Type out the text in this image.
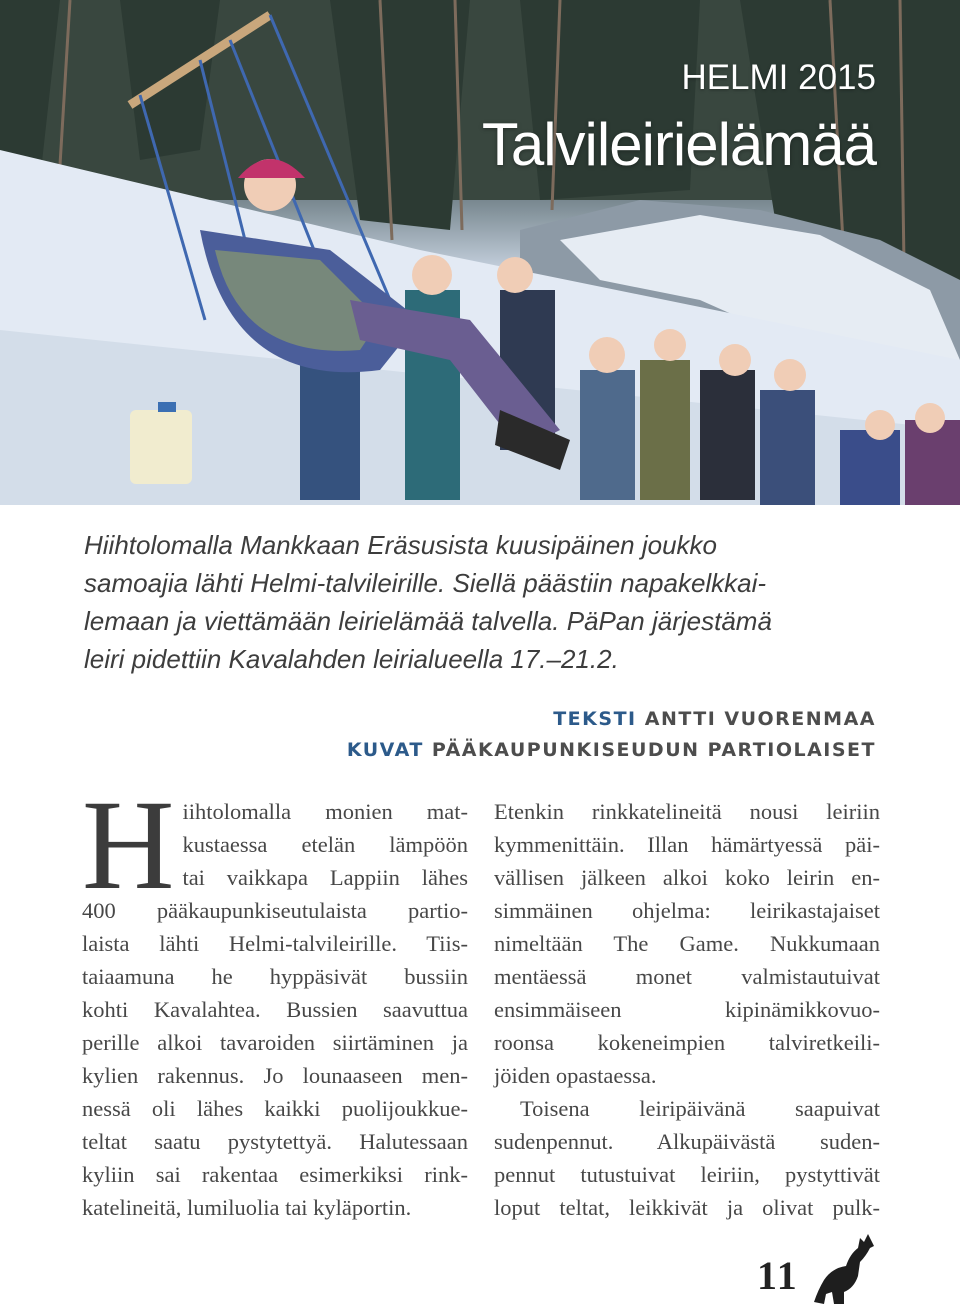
HELMI 2015
Talvileirielämää
Hiihtolomalla Mankkaan Eräsusista kuusipäinen joukko
samoajia lähti Helmi-talvileirille. Siellä päästiin napakelkkai-
lemaan ja viettämään leirielämää talvella. PäPan järjestämä
leiri pidettiin Kavalahden leirialueella 17.–21.2.
TEKSTI ANTTI VUORENMAA
KUVAT PÄÄKAUPUNKISEUDUN PARTIOLAISET
H iihtolomalla monien mat-
kustaessa etelän lämpöön
tai vaikkapa Lappiin lähes
400 pääkaupunkiseutulaista partio-
laista lähti Helmi-talvileirille. Tiis-
taiaamuna he hyppäsivät bussiin
kohti Kavalahtea. Bussien saavuttua
perille alkoi tavaroiden siirtäminen ja
kylien rakennus. Jo lounaaseen men-
nessä oli lähes kaikki puolijoukkue-
teltat saatu pystytettyä. Halutessaan
kyliin sai rakentaa esimerkiksi rink-
katelineitä, lumiluolia tai kyläportin.
Etenkin rinkkatelineitä nousi leiriin
kymmenittäin. Illan hämärtyessä päi-
vällisen jälkeen alkoi koko leirin en-
simmäinen ohjelma: leirikastajaiset
nimeltään The Game. Nukkumaan
mentäessä monet valmistautuivat
ensimmäiseen kipinämikkovuo-
roonsa kokeneimpien talviretkeili-
jöiden opastaessa.
Toisena leiripäivänä saapuivat
sudenpennut. Alkupäivästä suden-
pennut tutustuivat leiriin, pystyttivät
loput teltat, leikkivät ja olivat pulk-
11
